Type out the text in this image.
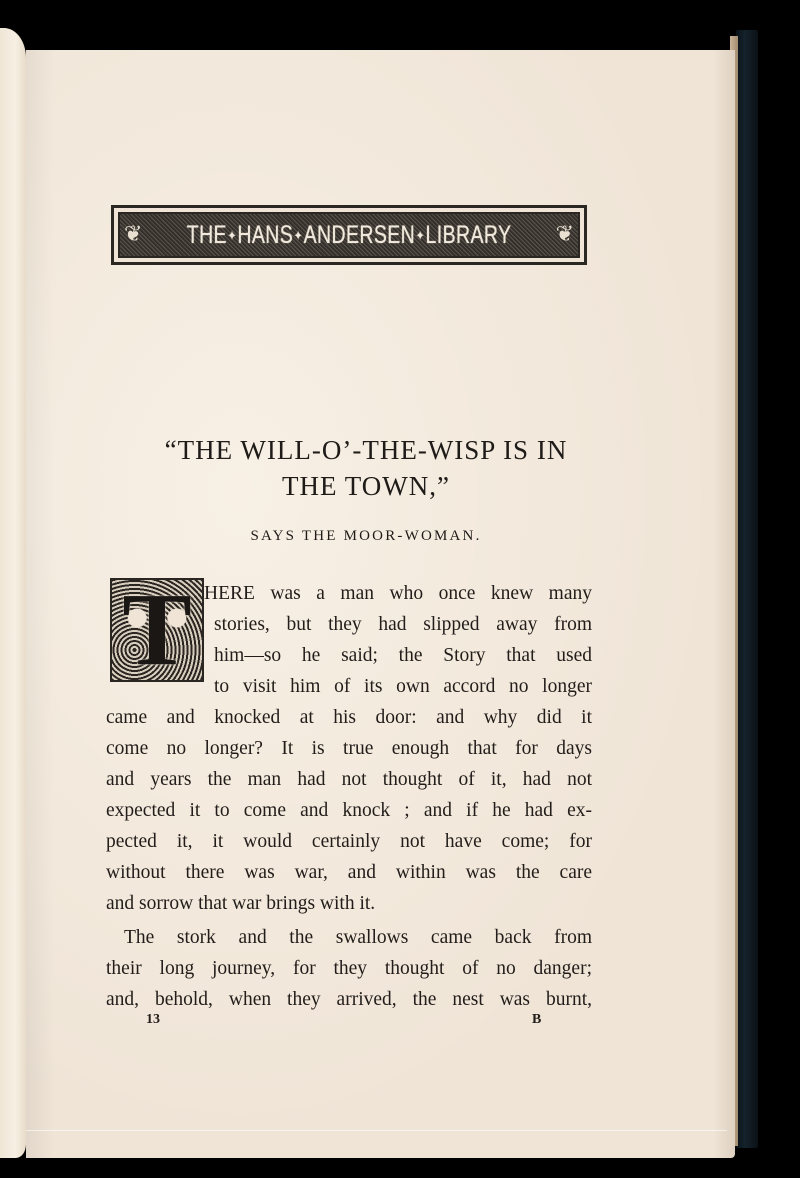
❦ THE✦HANS✦ANDERSEN✦LIBRARY ❦
“THE WILL-O’-THE-WISP IS IN
THE TOWN,”
SAYS THE MOOR-WOMAN.
T HERE was a man who once knew many
stories, but they had slipped away from
him—so he said; the Story that used
to visit him of its own accord no longer
came and knocked at his door: and why did it
come no longer? It is true enough that for days
and years the man had not thought of it, had not
expected it to come and knock ; and if he had ex-
pected it, it would certainly not have come; for
without there was war, and within was the care
and sorrow that war brings with it.
The stork and the swallows came back from
their long journey, for they thought of no danger;
and, behold, when they arrived, the nest was burnt,
13	B
